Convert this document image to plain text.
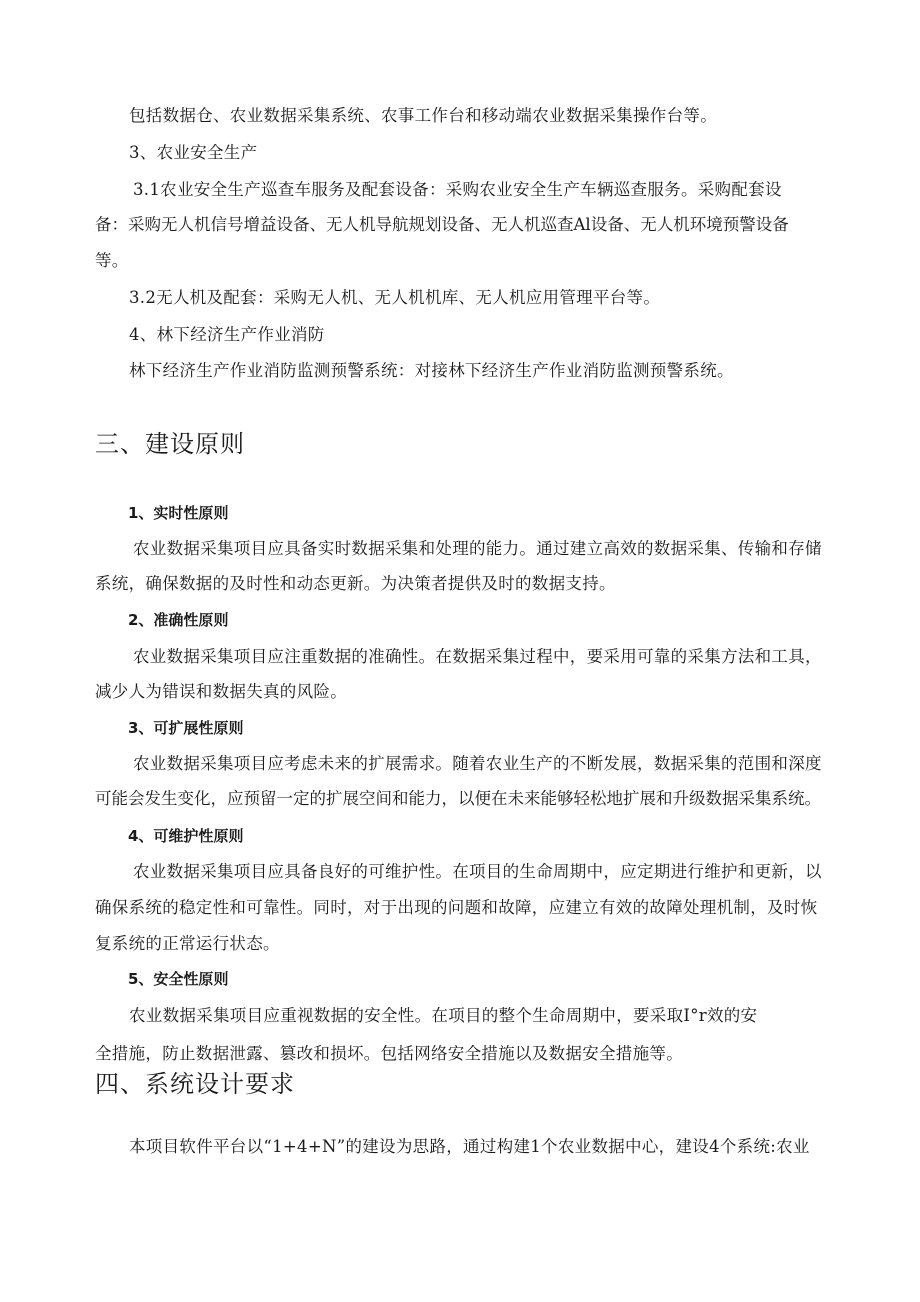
包括数据仓、农业数据采集系统、农事工作台和移动端农业数据采集操作台等。
3、农业安全生产
3.1农业安全生产巡查车服务及配套设备：采购农业安全生产车辆巡查服务。采购配套设
备：采购无人机信号增益设备、无人机导航规划设备、无人机巡查Al设备、无人机环境预警设备
等。
3.2无人机及配套：采购无人机、无人机机库、无人机应用管理平台等。
4、林下经济生产作业消防
林下经济生产作业消防监测预警系统：对接林下经济生产作业消防监测预警系统。
三、建设原则
1、实时性原则
农业数据采集项目应具备实时数据采集和处理的能力。通过建立高效的数据采集、传输和存储
系统，确保数据的及时性和动态更新。为决策者提供及时的数据支持。
2、准确性原则
农业数据采集项目应注重数据的准确性。在数据采集过程中，要采用可靠的采集方法和工具，
减少人为错误和数据失真的风险。
3、可扩展性原则
农业数据采集项目应考虑未来的扩展需求。随着农业生产的不断发展，数据采集的范围和深度
可能会发生变化，应预留一定的扩展空间和能力，以便在未来能够轻松地扩展和升级数据采集系统。
4、可维护性原则
农业数据采集项目应具备良好的可维护性。在项目的生命周期中，应定期进行维护和更新，以
确保系统的稳定性和可靠性。同时，对于出现的问题和故障，应建立有效的故障处理机制，及时恢
复系统的正常运行状态。
5、安全性原则
农业数据采集项目应重视数据的安全性。在项目的整个生命周期中，要采取I°r效的安
全措施，防止数据泄露、篡改和损坏。包括网络安全措施以及数据安全措施等。
四、系统设计要求
本项目软件平台以“1+4+N”的建设为思路，通过构建1个农业数据中心，建设4个系统:农业
